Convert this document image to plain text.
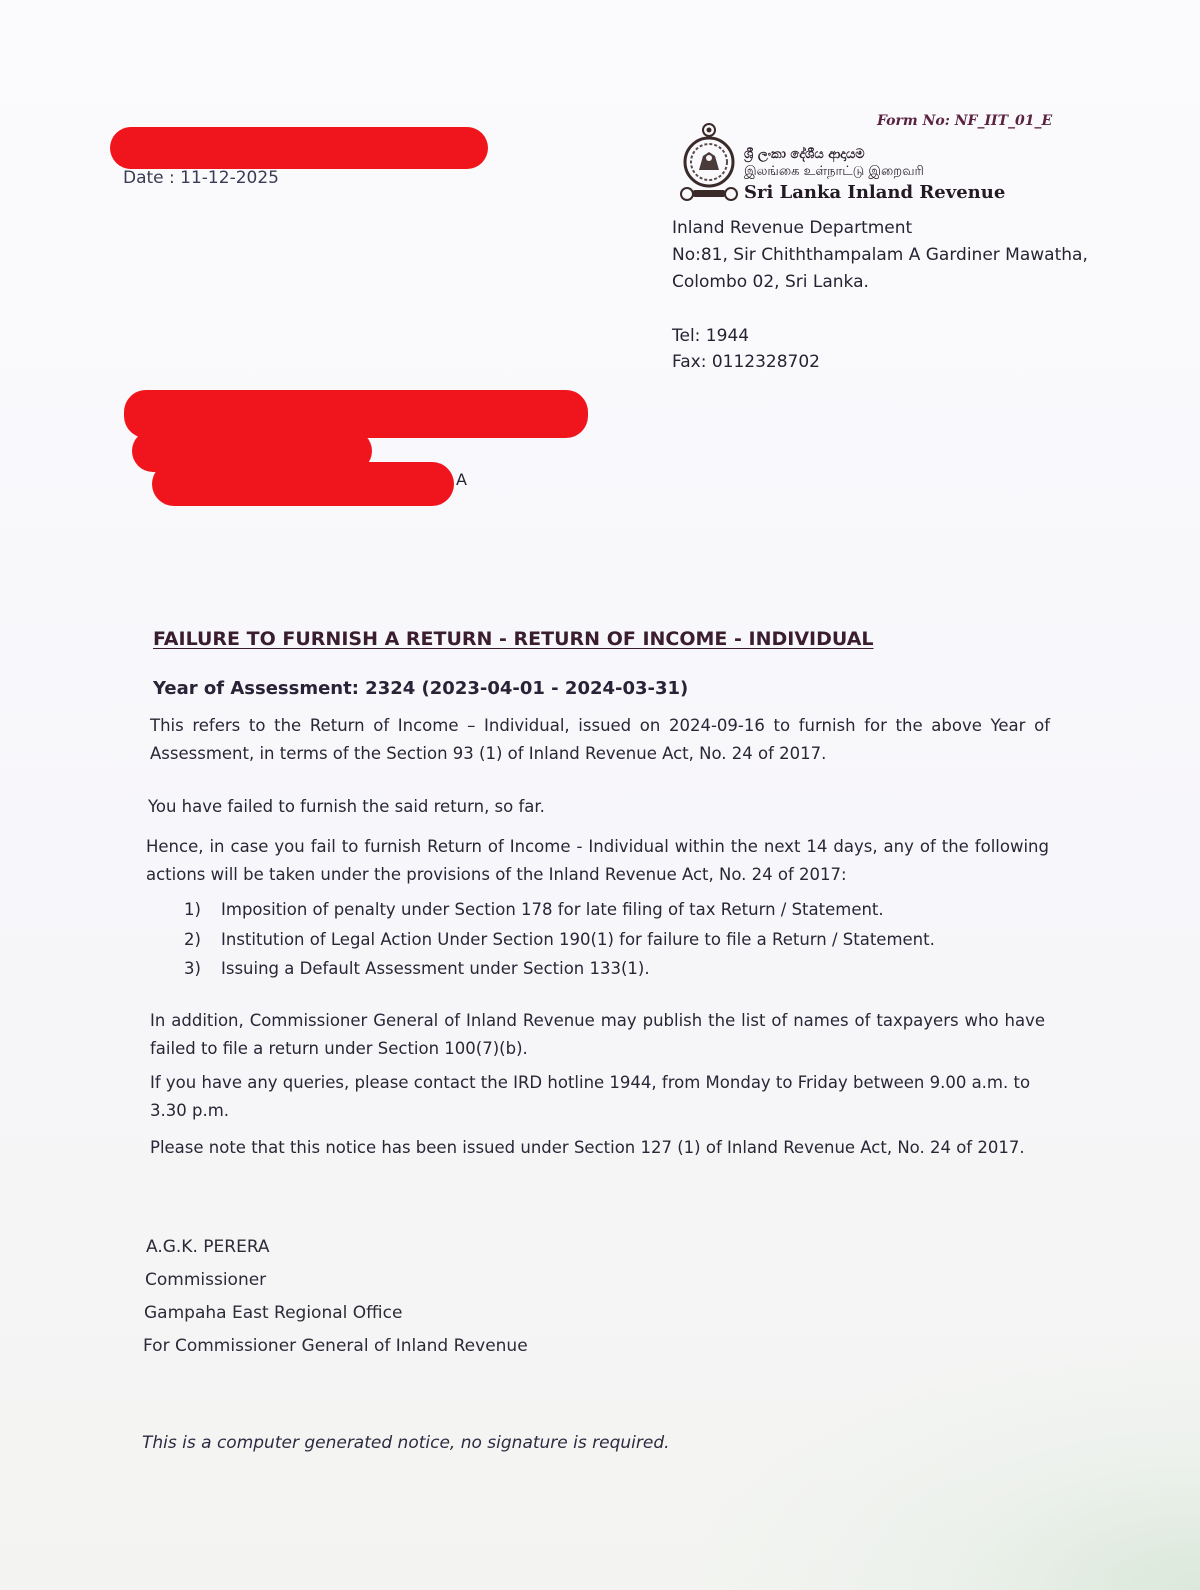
Date : 11-12-2025
Form No: NF_IIT_01_E
ශ්‍රී ලංකා දේශීය ආදායම
இலங்கை உள்நாட்டு இறைவரி
Sri Lanka Inland Revenue
Inland Revenue Department
No:81, Sir Chiththampalam A Gardiner Mawatha,
Colombo 02, Sri Lanka.
Tel: 1944
Fax: 0112328702
A
FAILURE TO FURNISH A RETURN - RETURN OF INCOME - INDIVIDUAL
Year of Assessment: 2324 (2023-04-01 - 2024-03-31)
This refers to the Return of Income – Individual, issued on 2024-09-16 to furnish for the above Year of Assessment, in terms of the Section 93 (1) of Inland Revenue Act, No. 24 of 2017.
You have failed to furnish the said return, so far.
Hence, in case you fail to furnish Return of Income - Individual within the next 14 days, any of the following actions will be taken under the provisions of the Inland Revenue Act, No. 24 of 2017:
1) Imposition of penalty under Section 178 for late filing of tax Return / Statement.
2) Institution of Legal Action Under Section 190(1) for failure to file a Return / Statement.
3) Issuing a Default Assessment under Section 133(1).
In addition, Commissioner General of Inland Revenue may publish the list of names of taxpayers who have failed to file a return under Section 100(7)(b).
If you have any queries, please contact the IRD hotline 1944, from Monday to Friday between 9.00 a.m. to 3.30 p.m.
Please note that this notice has been issued under Section 127 (1) of Inland Revenue Act, No. 24 of 2017.
A.G.K. PERERA
Commissioner
Gampaha East Regional Office
For Commissioner General of Inland Revenue
This is a computer generated notice, no signature is required.
